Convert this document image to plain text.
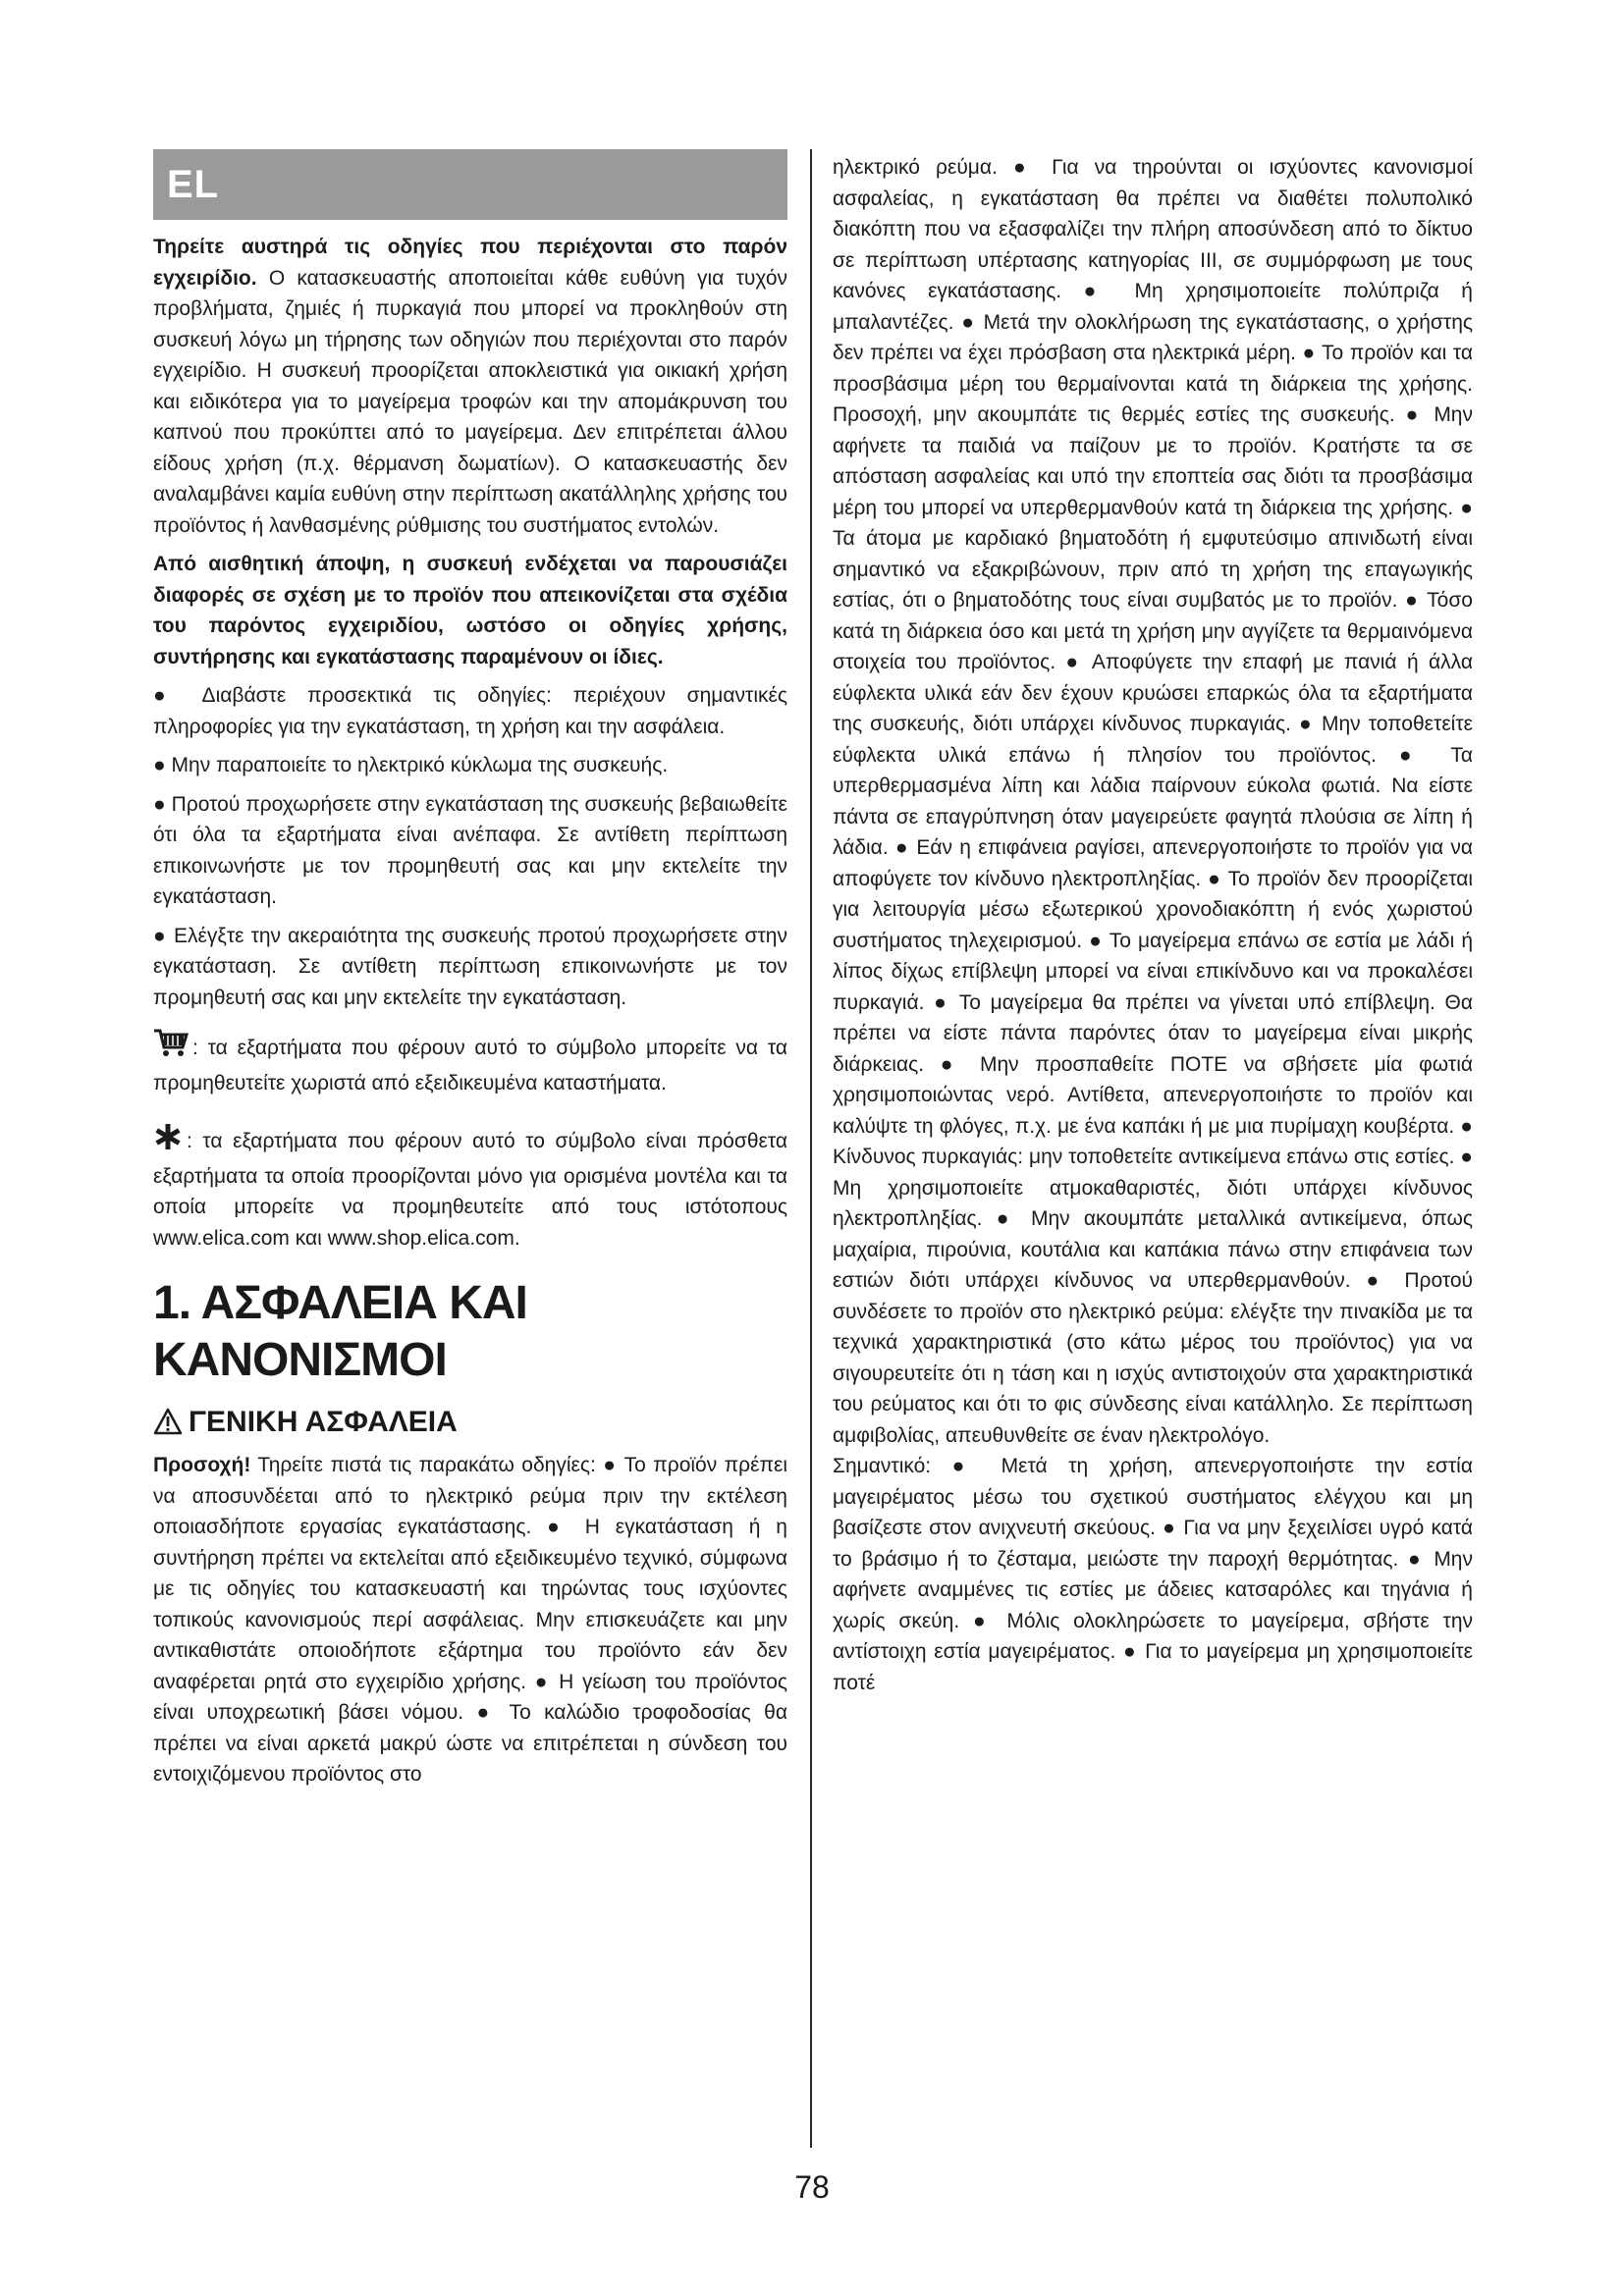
EL

Τηρείτε αυστηρά τις οδηγίες που περιέχονται στο παρόν εγχειρίδιο. Ο κατασκευαστής αποποιείται κάθε ευθύνη για τυχόν προβλήματα, ζημιές ή πυρκαγιά που μπορεί να προκληθούν στη συσκευή λόγω μη τήρησης των οδηγιών που περιέχονται στο παρόν εγχειρίδιο. Η συσκευή προορίζεται αποκλειστικά για οικιακή χρήση και ειδικότερα για το μαγείρεμα τροφών και την απομάκρυνση του καπνού που προκύπτει από το μαγείρεμα. Δεν επιτρέπεται άλλου είδους χρήση (π.χ. θέρμανση δωματίων). Ο κατασκευαστής δεν αναλαμβάνει καμία ευθύνη στην περίπτωση ακατάλληλης χρήσης του προϊόντος ή λανθασμένης ρύθμισης του συστήματος εντολών.

Από αισθητική άποψη, η συσκευή ενδέχεται να παρουσιάζει διαφορές σε σχέση με το προϊόν που απεικονίζεται στα σχέδια του παρόντος εγχειριδίου, ωστόσο οι οδηγίες χρήσης, συντήρησης και εγκατάστασης παραμένουν οι ίδιες.

● Διαβάστε προσεκτικά τις οδηγίες: περιέχουν σημαντικές πληροφορίες για την εγκατάσταση, τη χρήση και την ασφάλεια.

● Μην παραποιείτε το ηλεκτρικό κύκλωμα της συσκευής.

● Προτού προχωρήσετε στην εγκατάσταση της συσκευής βεβαιωθείτε ότι όλα τα εξαρτήματα είναι ανέπαφα. Σε αντίθετη περίπτωση επικοινωνήστε με τον προμηθευτή σας και μην εκτελείτε την εγκατάσταση.

● Ελέγξτε την ακεραιότητα της συσκευής προτού προχωρήσετε στην εγκατάσταση. Σε αντίθετη περίπτωση επικοινωνήστε με τον προμηθευτή σας και μην εκτελείτε την εγκατάσταση.

: τα εξαρτήματα που φέρουν αυτό το σύμβολο μπορείτε να τα προμηθευτείτε χωριστά από εξειδικευμένα καταστήματα.
: τα εξαρτήματα που φέρουν αυτό το σύμβολο είναι πρόσθετα εξαρτήματα τα οποία προορίζονται μόνο για ορισμένα μοντέλα και τα οποία μπορείτε να προμηθευτείτε από τους ιστότοπους www.elica.com και www.shop.elica.com.
1. ΑΣΦΑΛΕΙΑ ΚΑΙ ΚΑΝΟΝΙΣΜΟΙ
ΓΕΝΙΚΗ ΑΣΦΑΛΕΙΑ

Προσοχή! Τηρείτε πιστά τις παρακάτω οδηγίες: ● Το προϊόν πρέπει να αποσυνδέεται από το ηλεκτρικό ρεύμα πριν την εκτέλεση οποιασδήποτε εργασίας εγκατάστασης. ● Η εγκατάσταση ή η συντήρηση πρέπει να εκτελείται από εξειδικευμένο τεχνικό, σύμφωνα με τις οδηγίες του κατασκευαστή και τηρώντας τους ισχύοντες τοπικούς κανονισμούς περί ασφάλειας. Μην επισκευάζετε και μην αντικαθιστάτε οποιοδήποτε εξάρτημα του προϊόντο εάν δεν αναφέρεται ρητά στο εγχειρίδιο χρήσης. ● Η γείωση του προϊόντος είναι υποχρεωτική βάσει νόμου. ● Το καλώδιο τροφοδοσίας θα πρέπει να είναι αρκετά μακρύ ώστε να επιτρέπεται η σύνδεση του εντοιχιζόμενου προϊόντος στο

ηλεκτρικό ρεύμα. ● Για να τηρούνται οι ισχύοντες κανονισμοί ασφαλείας, η εγκατάσταση θα πρέπει να διαθέτει πολυπολικό διακόπτη που να εξασφαλίζει την πλήρη αποσύνδεση από το δίκτυο σε περίπτωση υπέρτασης κατηγορίας III, σε συμμόρφωση με τους κανόνες εγκατάστασης. ● Μη χρησιμοποιείτε πολύπριζα ή μπαλαντέζες. ● Μετά την ολοκλήρωση της εγκατάστασης, ο χρήστης δεν πρέπει να έχει πρόσβαση στα ηλεκτρικά μέρη. ● Το προϊόν και τα προσβάσιμα μέρη του θερμαίνονται κατά τη διάρκεια της χρήσης. Προσοχή, μην ακουμπάτε τις θερμές εστίες της συσκευής. ● Μην αφήνετε τα παιδιά να παίζουν με το προϊόν. Κρατήστε τα σε απόσταση ασφαλείας και υπό την εποπτεία σας διότι τα προσβάσιμα μέρη του μπορεί να υπερθερμανθούν κατά τη διάρκεια της χρήσης. ● Τα άτομα με καρδιακό βηματοδότη ή εμφυτεύσιμο απινιδωτή είναι σημαντικό να εξακριβώνουν, πριν από τη χρήση της επαγωγικής εστίας, ότι ο βηματοδότης τους είναι συμβατός με το προϊόν. ● Τόσο κατά τη διάρκεια όσο και μετά τη χρήση μην αγγίζετε τα θερμαινόμενα στοιχεία του προϊόντος. ● Αποφύγετε την επαφή με πανιά ή άλλα εύφλεκτα υλικά εάν δεν έχουν κρυώσει επαρκώς όλα τα εξαρτήματα της συσκευής, διότι υπάρχει κίνδυνος πυρκαγιάς. ● Μην τοποθετείτε εύφλεκτα υλικά επάνω ή πλησίον του προϊόντος. ● Τα υπερθερμασμένα λίπη και λάδια παίρνουν εύκολα φωτιά. Να είστε πάντα σε επαγρύπνηση όταν μαγειρεύετε φαγητά πλούσια σε λίπη ή λάδια. ● Εάν η επιφάνεια ραγίσει, απενεργοποιήστε το προϊόν για να αποφύγετε τον κίνδυνο ηλεκτροπληξίας. ● Το προϊόν δεν προορίζεται για λειτουργία μέσω εξωτερικού χρονοδιακόπτη ή ενός χωριστού συστήματος τηλεχειρισμού. ● Το μαγείρεμα επάνω σε εστία με λάδι ή λίπος δίχως επίβλεψη μπορεί να είναι επικίνδυνο και να προκαλέσει πυρκαγιά. ● Το μαγείρεμα θα πρέπει να γίνεται υπό επίβλεψη. Θα πρέπει να είστε πάντα παρόντες όταν το μαγείρεμα είναι μικρής διάρκειας. ● Μην προσπαθείτε ΠΟΤΕ να σβήσετε μία φωτιά χρησιμοποιώντας νερό. Αντίθετα, απενεργοποιήστε το προϊόν και καλύψτε τη φλόγες, π.χ. με ένα καπάκι ή με μια πυρίμαχη κουβέρτα. ● Κίνδυνος πυρκαγιάς: μην τοποθετείτε αντικείμενα επάνω στις εστίες. ● Μη χρησιμοποιείτε ατμοκαθαριστές, διότι υπάρχει κίνδυνος ηλεκτροπληξίας. ● Μην ακουμπάτε μεταλλικά αντικείμενα, όπως μαχαίρια, πιρούνια, κουτάλια και καπάκια πάνω στην επιφάνεια των εστιών διότι υπάρχει κίνδυνος να υπερθερμανθούν. ● Προτού συνδέσετε το προϊόν στο ηλεκτρικό ρεύμα: ελέγξτε την πινακίδα με τα τεχνικά χαρακτηριστικά (στο κάτω μέρος του προϊόντος) για να σιγουρευτείτε ότι η τάση και η ισχύς αντιστοιχούν στα χαρακτηριστικά του ρεύματος και ότι το φις σύνδεσης είναι κατάλληλο. Σε περίπτωση αμφιβολίας, απευθυνθείτε σε έναν ηλεκτρολόγο.

Σημαντικό: ● Μετά τη χρήση, απενεργοποιήστε την εστία μαγειρέματος μέσω του σχετικού συστήματος ελέγχου και μη βασίζεστε στον ανιχνευτή σκεύους. ● Για να μην ξεχειλίσει υγρό κατά το βράσιμο ή το ζέσταμα, μειώστε την παροχή θερμότητας. ● Μην αφήνετε αναμμένες τις εστίες με άδειες κατσαρόλες και τηγάνια ή χωρίς σκεύη. ● Μόλις ολοκληρώσετε το μαγείρεμα, σβήστε την αντίστοιχη εστία μαγειρέματος. ● Για το μαγείρεμα μη χρησιμοποιείτε ποτέ

78
